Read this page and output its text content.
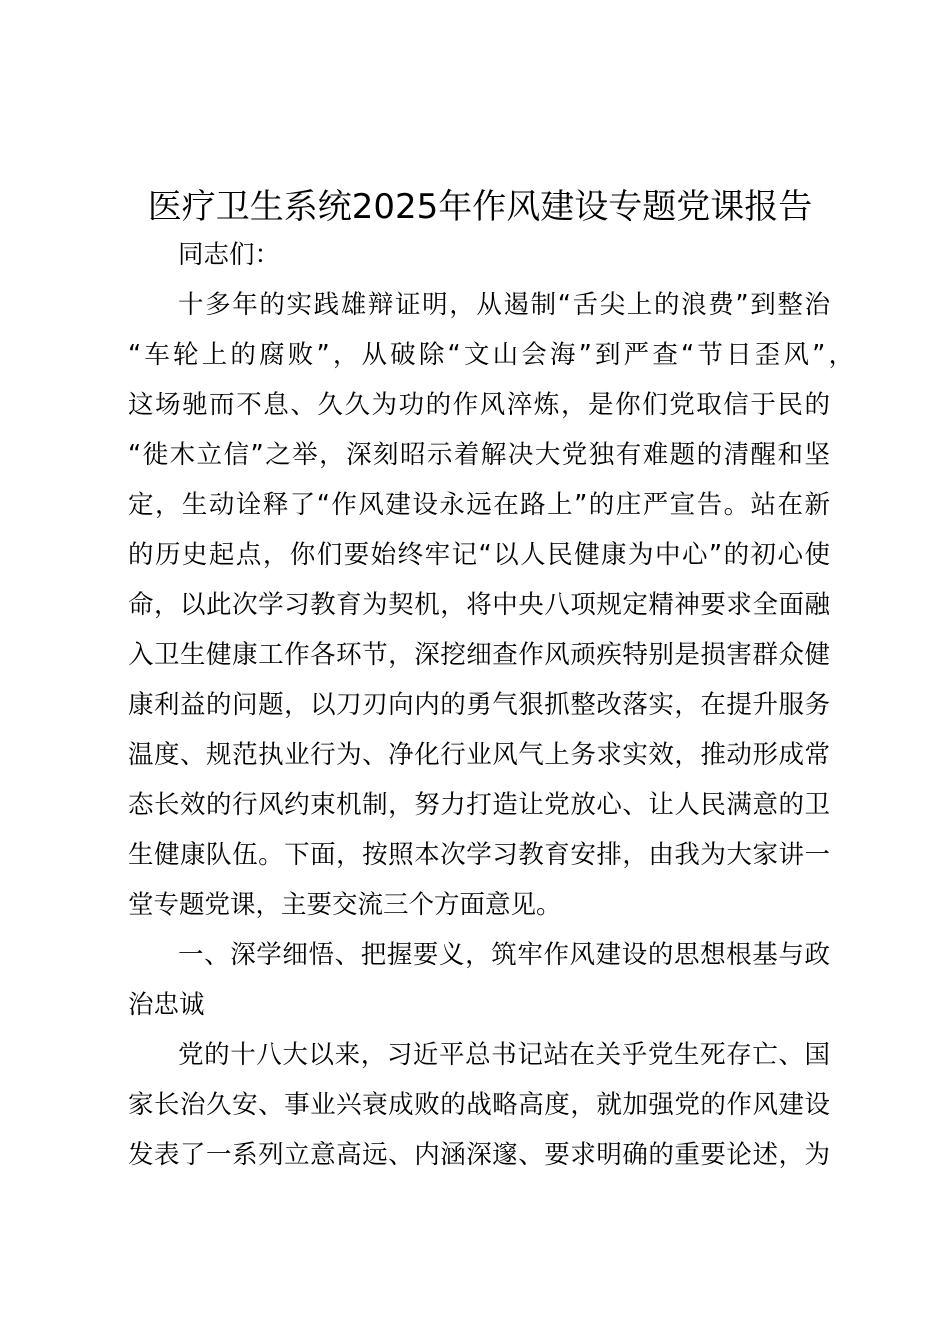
医疗卫生系统2025年作风建设专题党课报告
同志们：
十多年的实践雄辩证明，从遏制“舌尖上的浪费”到整治
“车轮上的腐败”，从破除“文山会海”到严查“节日歪风”，
这场驰而不息、久久为功的作风淬炼，是你们党取信于民的
“徙木立信”之举，深刻昭示着解决大党独有难题的清醒和坚
定，生动诠释了“作风建设永远在路上”的庄严宣告。站在新
的历史起点，你们要始终牢记“以人民健康为中心”的初心使
命，以此次学习教育为契机，将中央八项规定精神要求全面融
入卫生健康工作各环节，深挖细查作风顽疾特别是损害群众健
康利益的问题，以刀刃向内的勇气狠抓整改落实，在提升服务
温度、规范执业行为、净化行业风气上务求实效，推动形成常
态长效的行风约束机制，努力打造让党放心、让人民满意的卫
生健康队伍。下面，按照本次学习教育安排，由我为大家讲一
堂专题党课，主要交流三个方面意见。
一、深学细悟、把握要义，筑牢作风建设的思想根基与政
治忠诚
党的十八大以来，习近平总书记站在关乎党生死存亡、国
家长治久安、事业兴衰成败的战略高度，就加强党的作风建设
发表了一系列立意高远、内涵深邃、要求明确的重要论述，为
